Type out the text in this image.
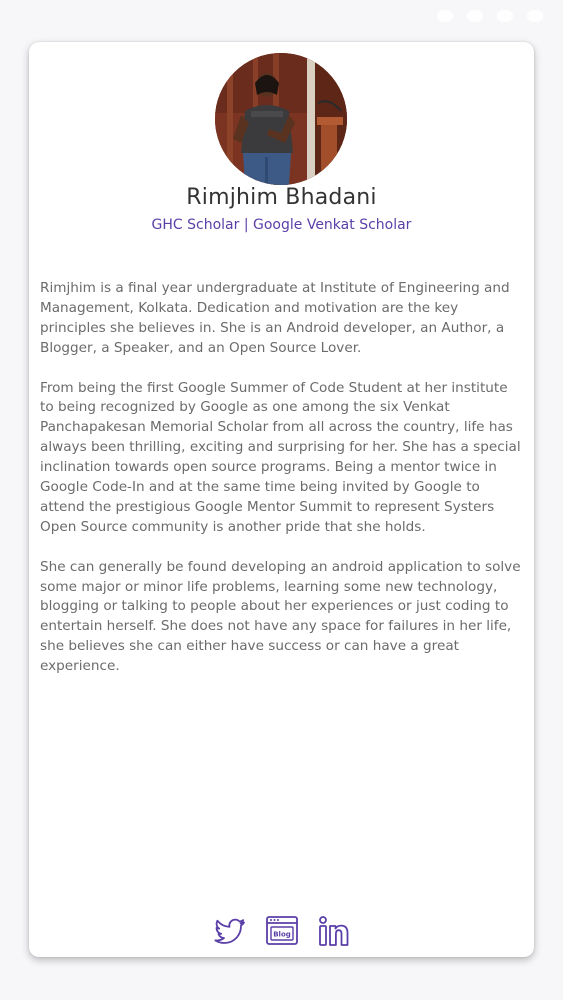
Rimjhim Bhadani
GHC Scholar | Google Venkat Scholar

Rimjhim is a final year undergraduate at Institute of Engineering and Management, Kolkata. Dedication and motivation are the key principles she believes in. She is an Android developer, an Author, a Blogger, a Speaker, and an Open Source Lover.

From being the first Google Summer of Code Student at her institute to being recognized by Google as one among the six Venkat Panchapakesan Memorial Scholar from all across the country, life has always been thrilling, exciting and surprising for her. She has a special inclination towards open source programs. Being a mentor twice in Google Code-In and at the same time being invited by Google to attend the prestigious Google Mentor Summit to represent Systers Open Source community is another pride that she holds.

She can generally be found developing an android application to solve some major or minor life problems, learning some new technology, blogging or talking to people about her experiences or just coding to entertain herself. She does not have any space for failures in her life, she believes she can either have success or can have a great experience.

Blog
